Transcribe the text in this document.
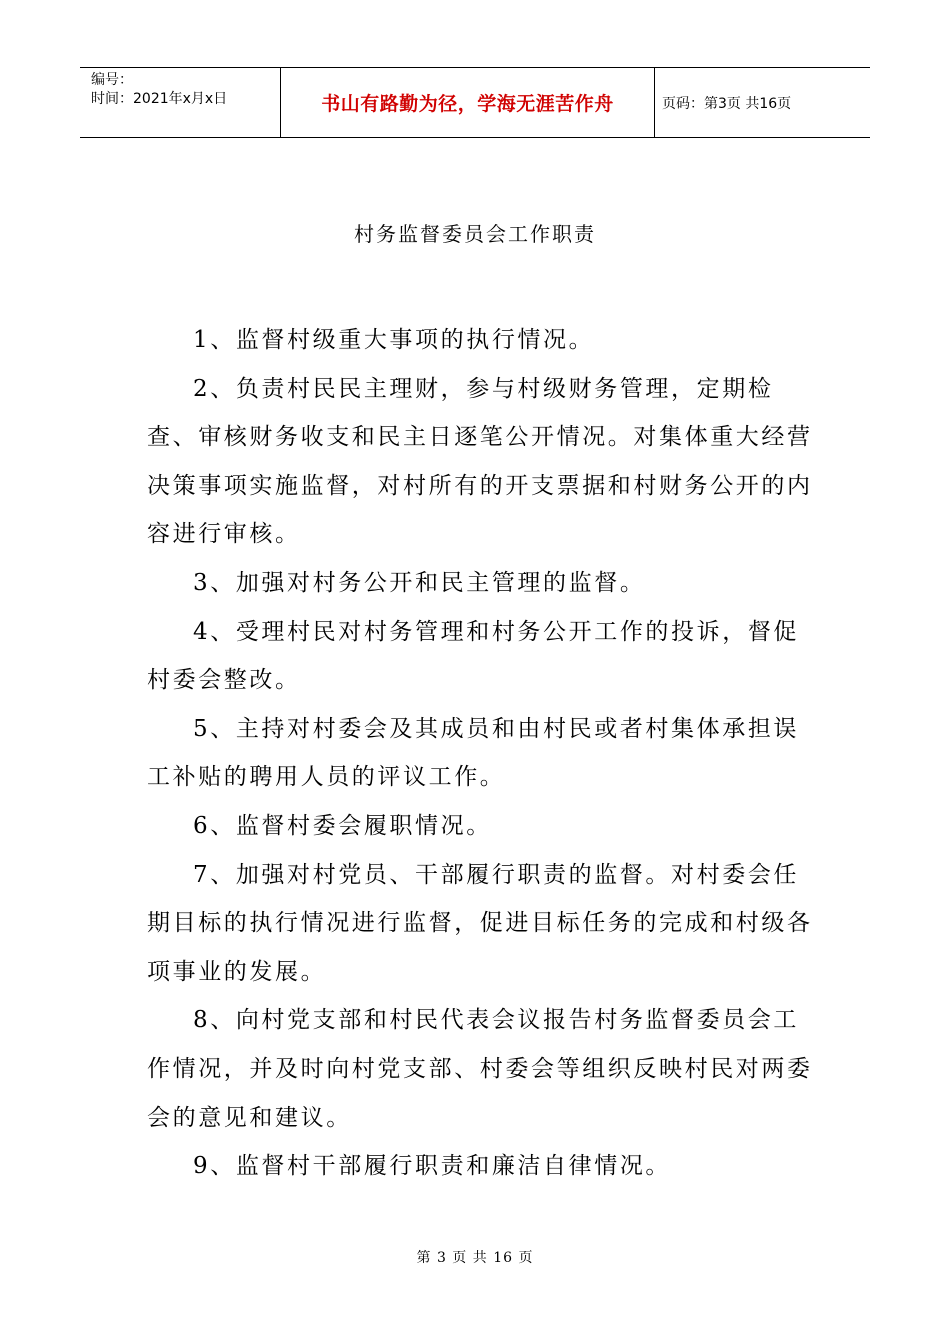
编号：
时间：2021年x月x日	书山有路勤为径，学海无涯苦作舟	页码：第3页 共16页
村务监督委员会工作职责

1、监督村级重大事项的执行情况。

2、负责村民民主理财，参与村级财务管理，定期检查、审核财务收支和民主日逐笔公开情况。对集体重大经营决策事项实施监督，对村所有的开支票据和村财务公开的内容进行审核。

3、加强对村务公开和民主管理的监督。

4、受理村民对村务管理和村务公开工作的投诉，督促村委会整改。

5、主持对村委会及其成员和由村民或者村集体承担误工补贴的聘用人员的评议工作。

6、监督村委会履职情况。

7、加强对村党员、干部履行职责的监督。对村委会任期目标的执行情况进行监督，促进目标任务的完成和村级各项事业的发展。

8、向村党支部和村民代表会议报告村务监督委员会工作情况，并及时向村党支部、村委会等组织反映村民对两委会的意见和建议。

9、监督村干部履行职责和廉洁自律情况。

第 3 页 共 16 页
